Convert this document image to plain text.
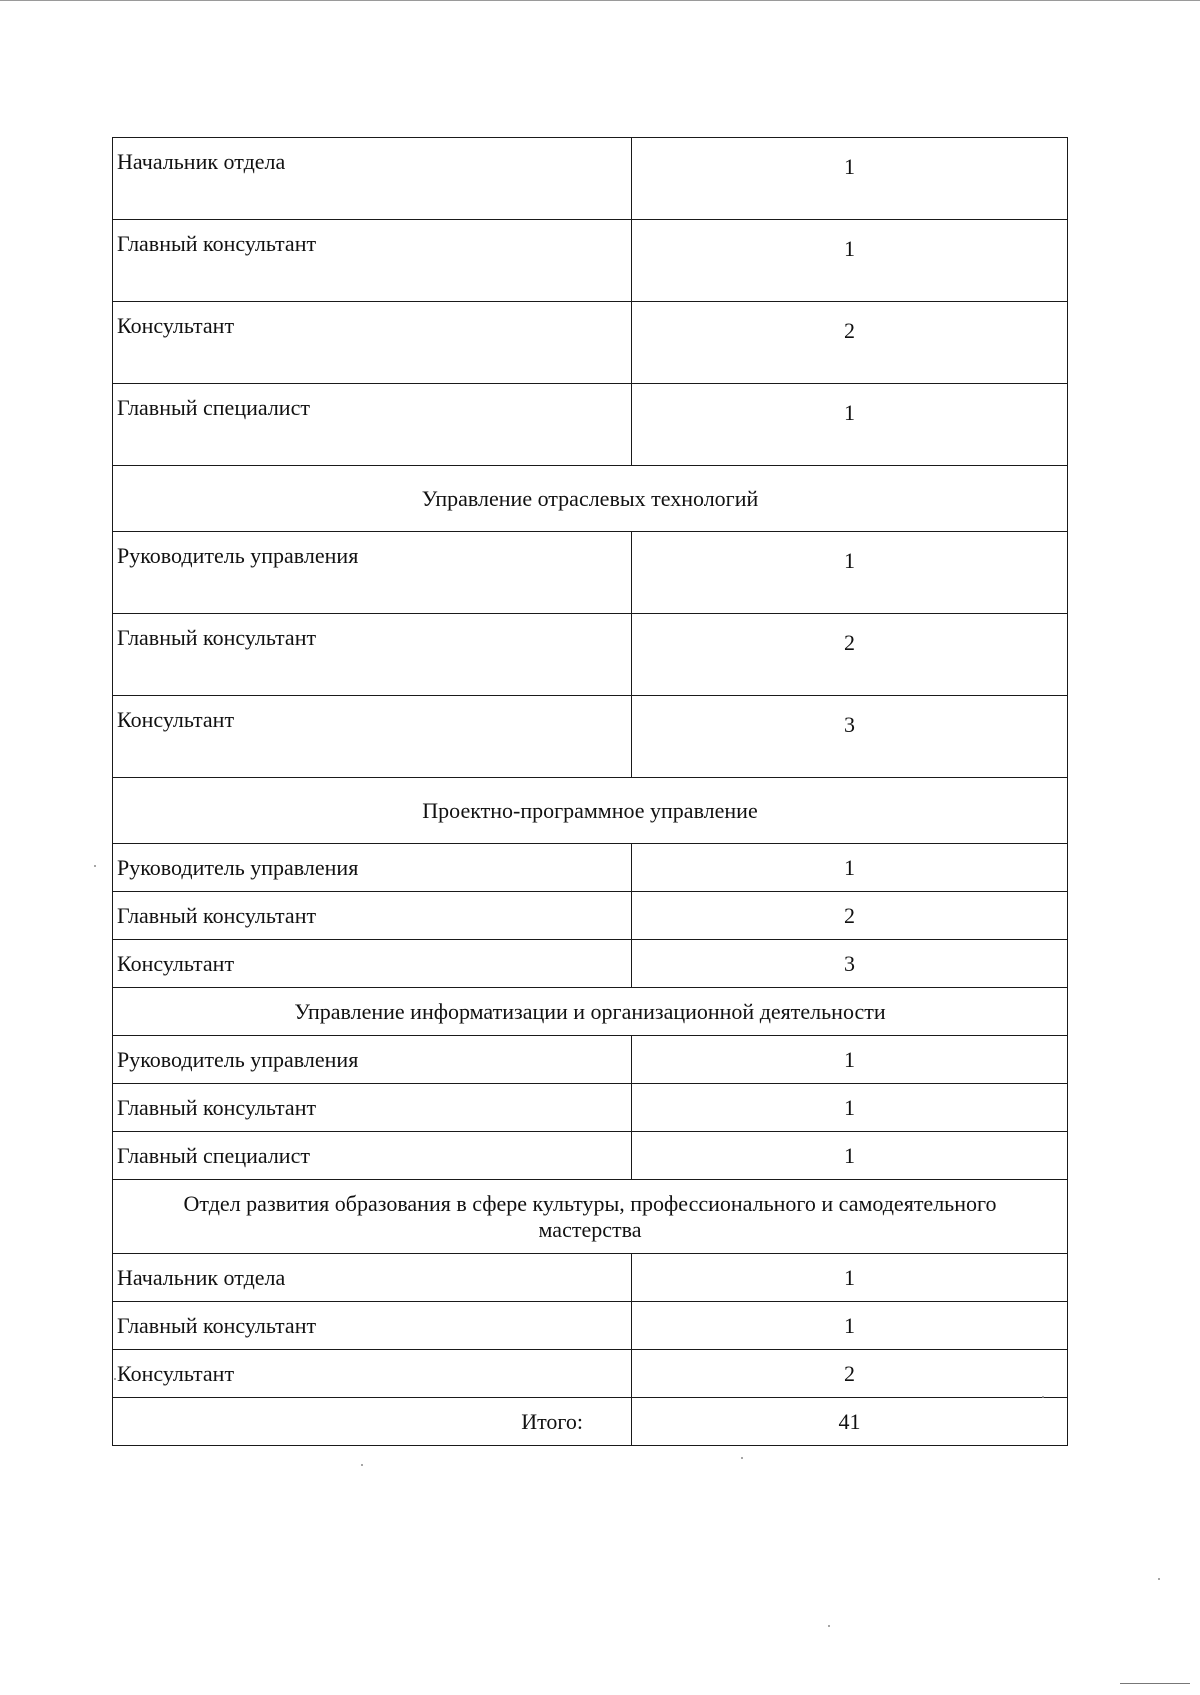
Начальник отдела	1
Главный консультант	1
Консультант	2
Главный специалист	1
Управление отраслевых технологий	
Руководитель управления	1
Главный консультант	2
Консультант	3
Проектно-программное управление	
Руководитель управления	1
Главный консультант	2
Консультант	3
Управление информатизации и организационной деятельности	
Руководитель управления	1
Главный консультант	1
Главный специалист	1
Отдел развития образования в сфере культуры, профессионального и самодеятельного мастерства	
Начальник отдела	1
Главный консультант	1
Консультант	2
Итого:	41
